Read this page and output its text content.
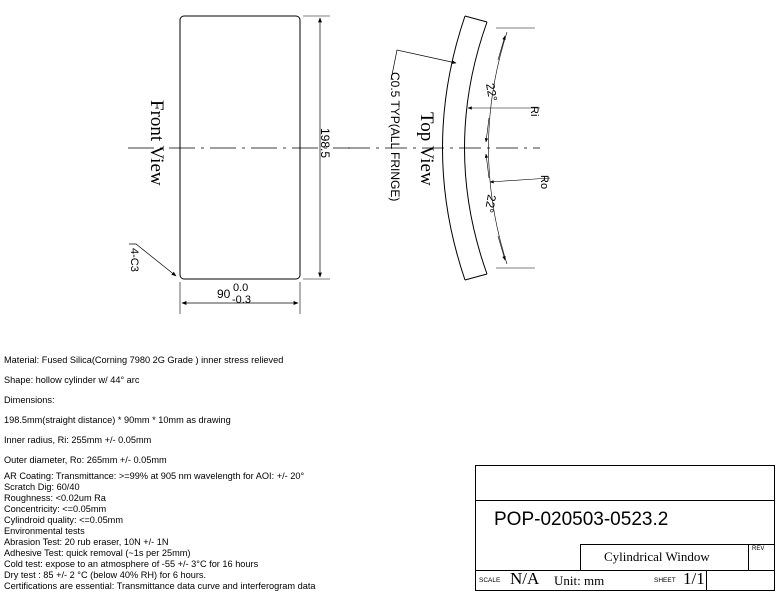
198.5
90 0.0
-0.3
4-C3
Front View
22°
22°
Ri
Ro
C0.5 TYP(ALL FRINGE) Top View

Material: Fused Silica(Corning 7980 2G Grade ) inner stress relieved

Shape: hollow cylinder w/ 44° arc

Dimensions:

198.5mm(straight distance) * 90mm * 10mm as drawing

Inner radius, Ri: 255mm +/- 0.05mm

Outer diameter, Ro: 265mm +/- 0.05mm

AR Coating: Transmittance: >=99% at 905 nm wavelength for AOI: +/- 20°

Scratch Dig: 60/40

Roughness: <0.02um Ra

Concentricity: <=0.05mm

Cylindroid quality: <=0.05mm

Environmental tests

Abrasion Test: 20 rub eraser, 10N +/- 1N

Adhesive Test: quick removal (~1s per 25mm)

Cold test: expose to an atmosphere of -55 +/- 3°C for 16 hours

Dry test : 85 +/- 2 °C (below 40% RH) for 6 hours.

Certifications are essential: Transmittance data curve and interferogram data

POP-020503-0523.2
Cylindrical Window	REV
SCALE N/A Unit: mm	SHEET 1/1
